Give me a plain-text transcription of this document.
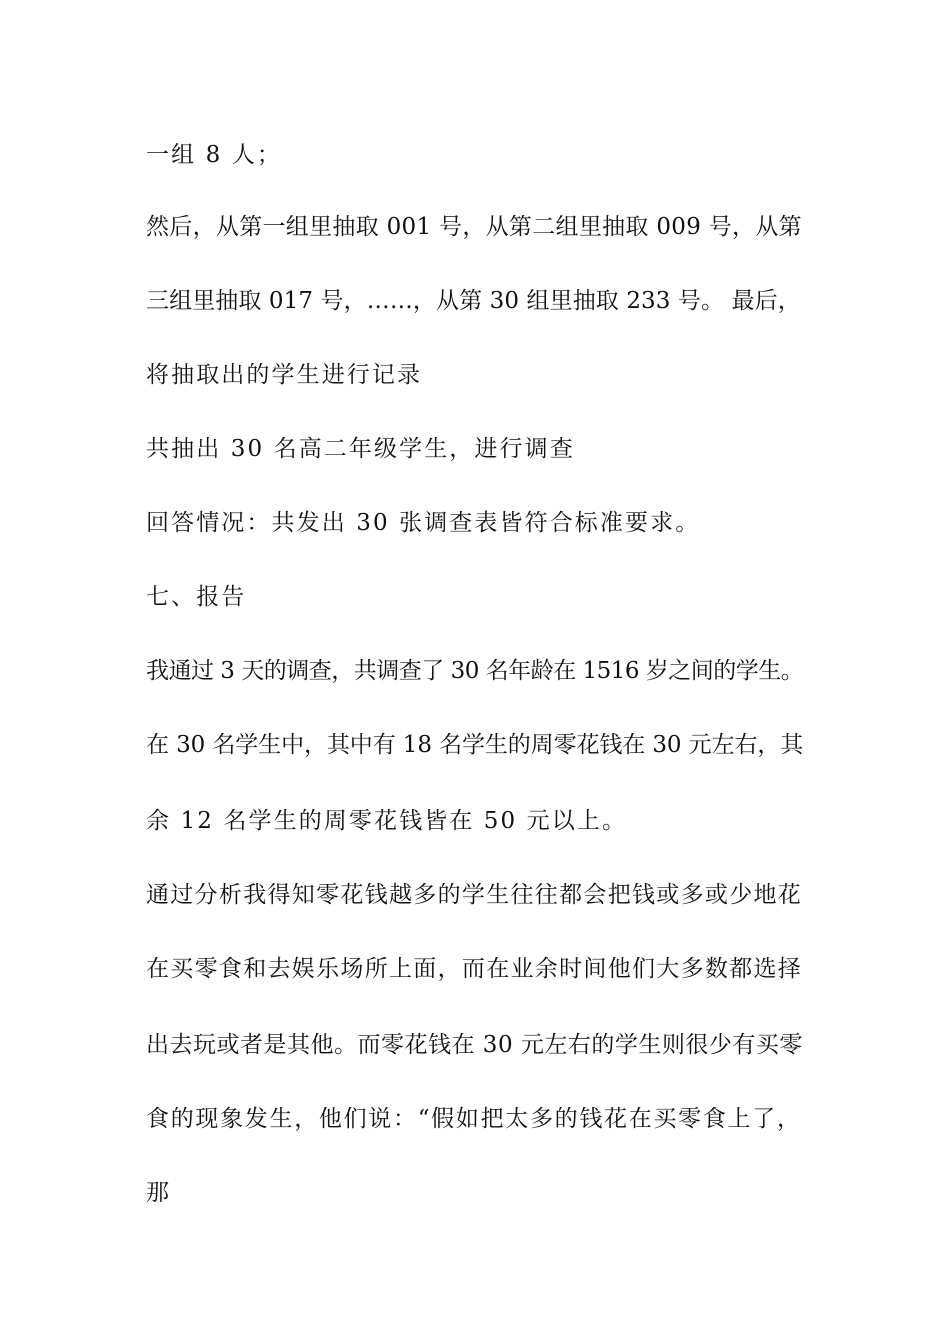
一组 8 人；
然后，从第一组里抽取 001 号，从第二组里抽取 009 号，从第
三组里抽取 017 号，……，从第 30 组里抽取 233 号。 最后，
将抽取出的学生进行记录
共抽出 30 名高二年级学生，进行调查
回答情况：共发出 30 张调查表皆符合标准要求。
七、报告
我通过 3 天的调查，共调查了 30 名年龄在 1516 岁之间的学生。
在 30 名学生中，其中有 18 名学生的周零花钱在 30 元左右，其
余 12 名学生的周零花钱皆在 50 元以上。
通过分析我得知零花钱越多的学生往往都会把钱或多或少地花
在买零食和去娱乐场所上面，而在业余时间他们大多数都选择
出去玩或者是其他。而零花钱在 30 元左右的学生则很少有买零
食的现象发生，他们说：“假如把太多的钱花在买零食上了，
那
